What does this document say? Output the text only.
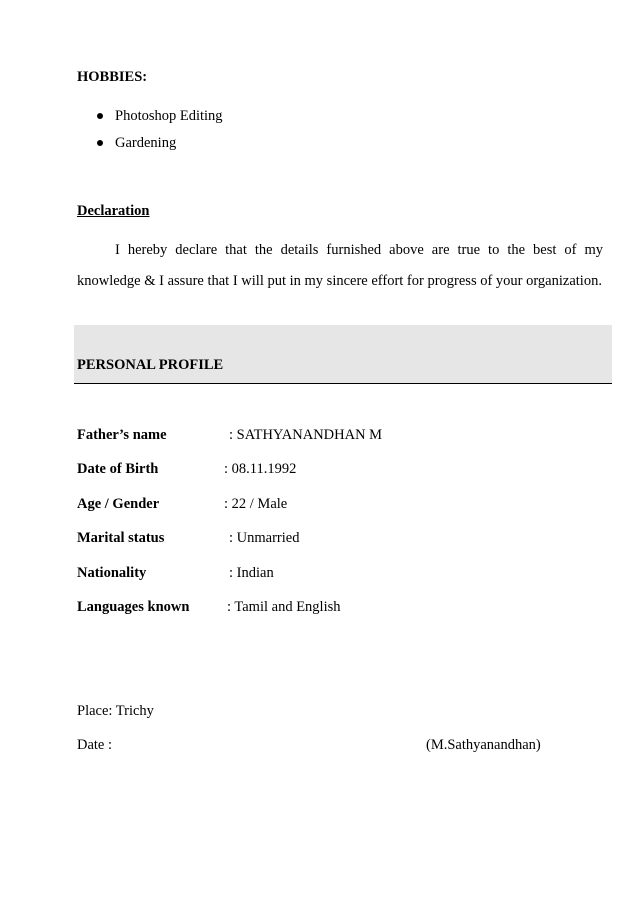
HOBBIES:
Photoshop Editing
Gardening
Declaration

I hereby declare that the details furnished above are true to the best of my knowledge & I assure that I will put in my sincere effort for progress of your organization.

PERSONAL PROFILE
Father’s name	: SATHYANANDHAN M
Date of Birth	: 08.11.1992
Age / Gender	: 22 / Male
Marital status	: Unmarried
Nationality	: Indian
Languages known	: Tamil and English
Place: Trichy
Date :	(M.Sathyanandhan)
